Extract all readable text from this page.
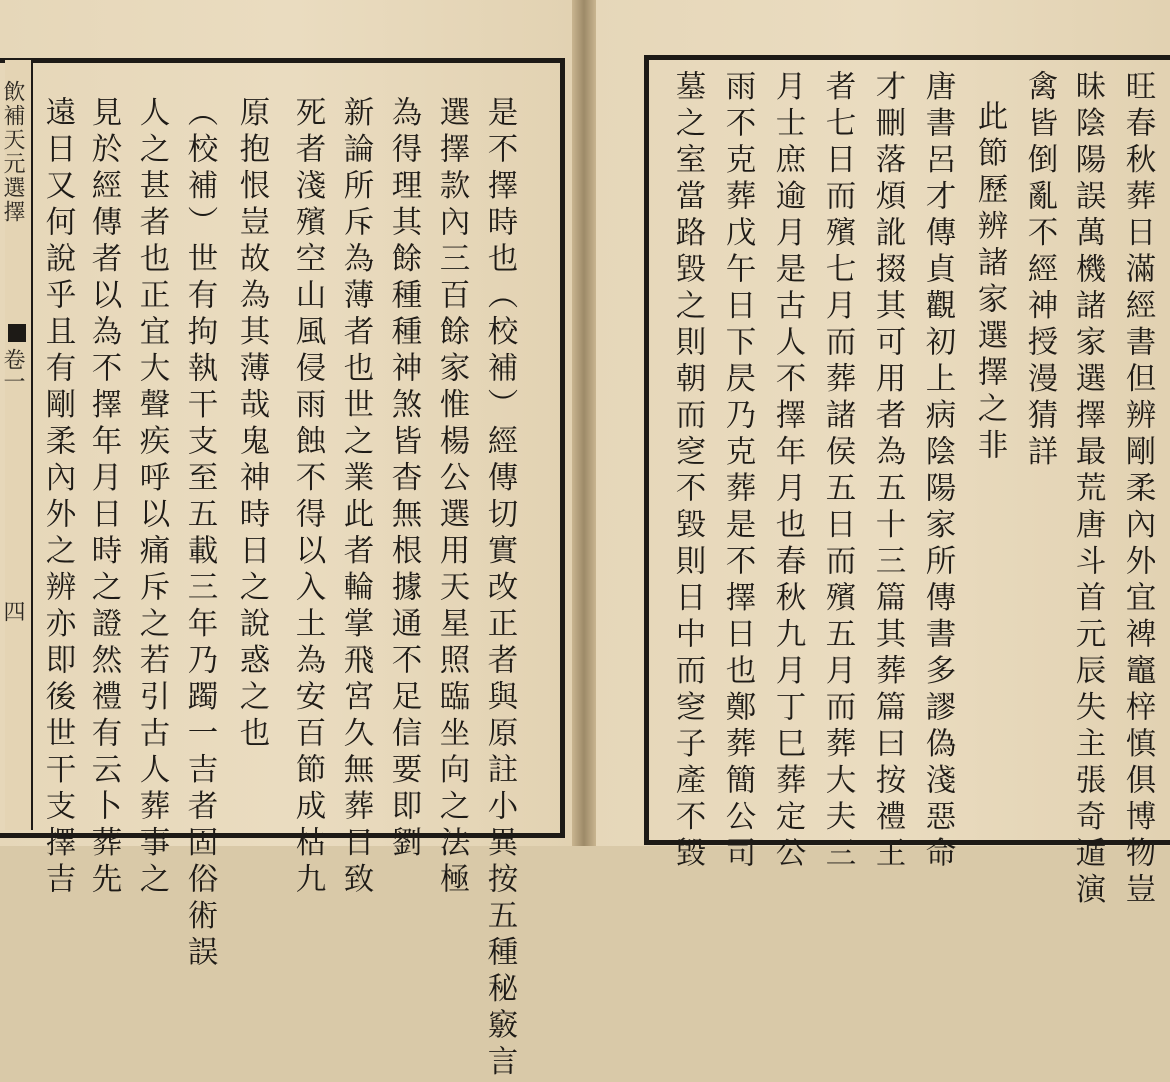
飲補天元選擇
卷一
四	是不擇時也（校補）經傳切實改正者與原註小異按五種秘竅言
選擇款內三百餘家惟楊公選用天星照臨坐向之法極
為得理其餘種種神煞皆杳無根據通不足信要即劉
新論所斥為薄者也世之業此者輪掌飛宮久無葬日致
死者淺殯空山風侵雨蝕不得以入土為安百節成枯九
原抱恨豈故為其薄哉鬼神時日之說惑之也
（校補）世有拘執干支至五載三年乃躅一吉者固俗術誤
人之甚者也正宜大聲疾呼以痛斥之若引古人葬事之
見於經傳者以為不擇年月日時之證然禮有云卜葬先
遠日又何說乎且有剛柔內外之辨亦即後世干支擇吉	旺春秋葬日滿經書但辨剛柔內外宜裨竈梓慎俱博物豈
昧陰陽誤萬機諸家選擇最荒唐斗首元辰失主張奇遁演
禽皆倒亂不經神授漫猜詳
此節歷辨諸家選擇之非
唐書呂才傳貞觀初上病陰陽家所傳書多謬偽淺惡命
才刪落煩訛掇其可用者為五十三篇其葬篇曰按禮王
者七日而殯七月而葬諸侯五日而殯五月而葬大夫三
月士庶逾月是古人不擇年月也春秋九月丁巳葬定公
雨不克葬戊午日下昃乃克葬是不擇日也鄭葬簡公司
墓之室當路毀之則朝而窆不毀則日中而窆子產不毀
